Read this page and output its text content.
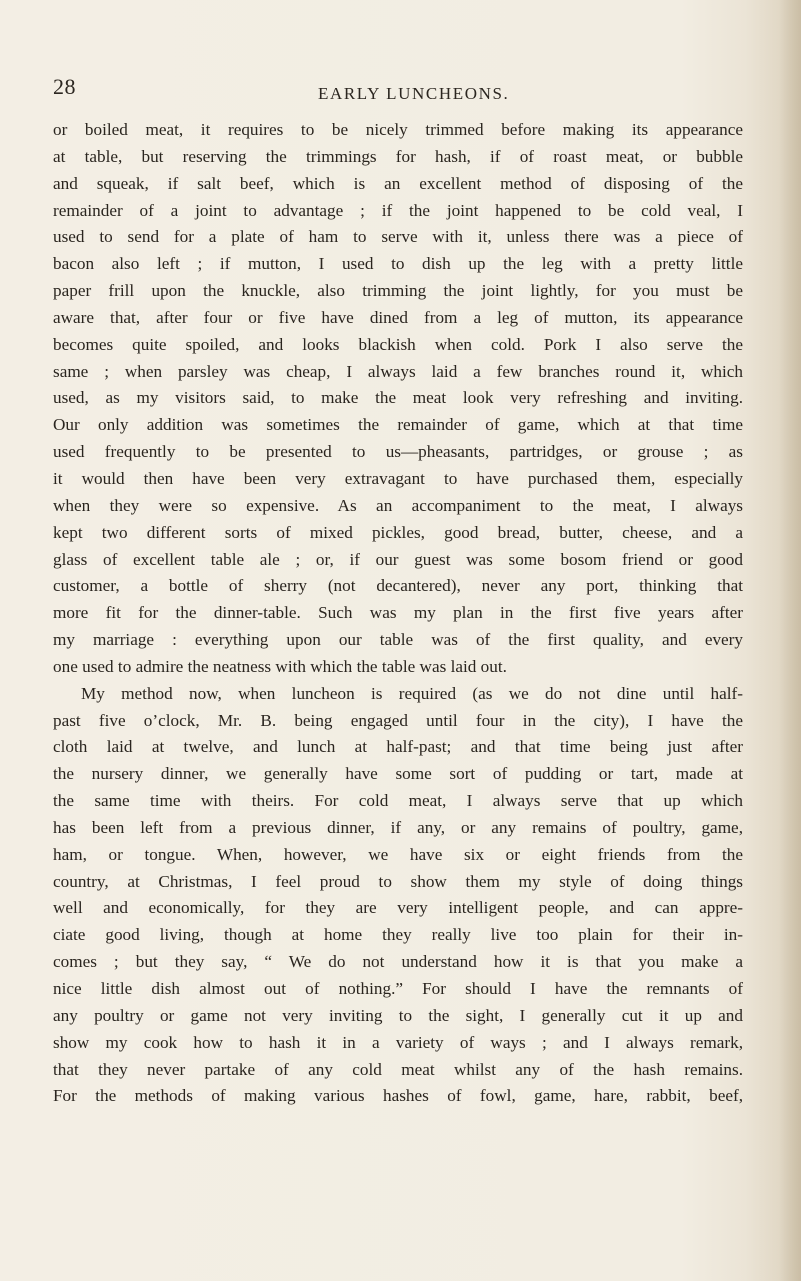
28	EARLY LUNCHEONS.
or boiled meat, it requires to be nicely trimmed before making its appearance
at table, but reserving the trimmings for hash, if of roast meat, or bubble
and squeak, if salt beef, which is an excellent method of disposing of the
remainder of a joint to advantage ; if the joint happened to be cold veal, I
used to send for a plate of ham to serve with it, unless there was a piece of
bacon also left ; if mutton, I used to dish up the leg with a pretty little
paper frill upon the knuckle, also trimming the joint lightly, for you must be
aware that, after four or five have dined from a leg of mutton, its appearance
becomes quite spoiled, and looks blackish when cold. Pork I also serve the
same ; when parsley was cheap, I always laid a few branches round it, which
used, as my visitors said, to make the meat look very refreshing and inviting.
Our only addition was sometimes the remainder of game, which at that time
used frequently to be presented to us—pheasants, partridges, or grouse ; as
it would then have been very extravagant to have purchased them, especially
when they were so expensive. As an accompaniment to the meat, I always
kept two different sorts of mixed pickles, good bread, butter, cheese, and a
glass of excellent table ale ; or, if our guest was some bosom friend or good
customer, a bottle of sherry (not decantered), never any port, thinking that
more fit for the dinner-table. Such was my plan in the first five years after
my marriage : everything upon our table was of the first quality, and every
one used to admire the neatness with which the table was laid out.
My method now, when luncheon is required (as we do not dine until half-
past five o’clock, Mr. B. being engaged until four in the city), I have the
cloth laid at twelve, and lunch at half-past; and that time being just after
the nursery dinner, we generally have some sort of pudding or tart, made at
the same time with theirs. For cold meat, I always serve that up which
has been left from a previous dinner, if any, or any remains of poultry, game,
ham, or tongue. When, however, we have six or eight friends from the
country, at Christmas, I feel proud to show them my style of doing things
well and economically, for they are very intelligent people, and can appre-
ciate good living, though at home they really live too plain for their in-
comes ; but they say, “ We do not understand how it is that you make a
nice little dish almost out of nothing.” For should I have the remnants of
any poultry or game not very inviting to the sight, I generally cut it up and
show my cook how to hash it in a variety of ways ; and I always remark,
that they never partake of any cold meat whilst any of the hash remains.
For the methods of making various hashes of fowl, game, hare, rabbit, beef,
